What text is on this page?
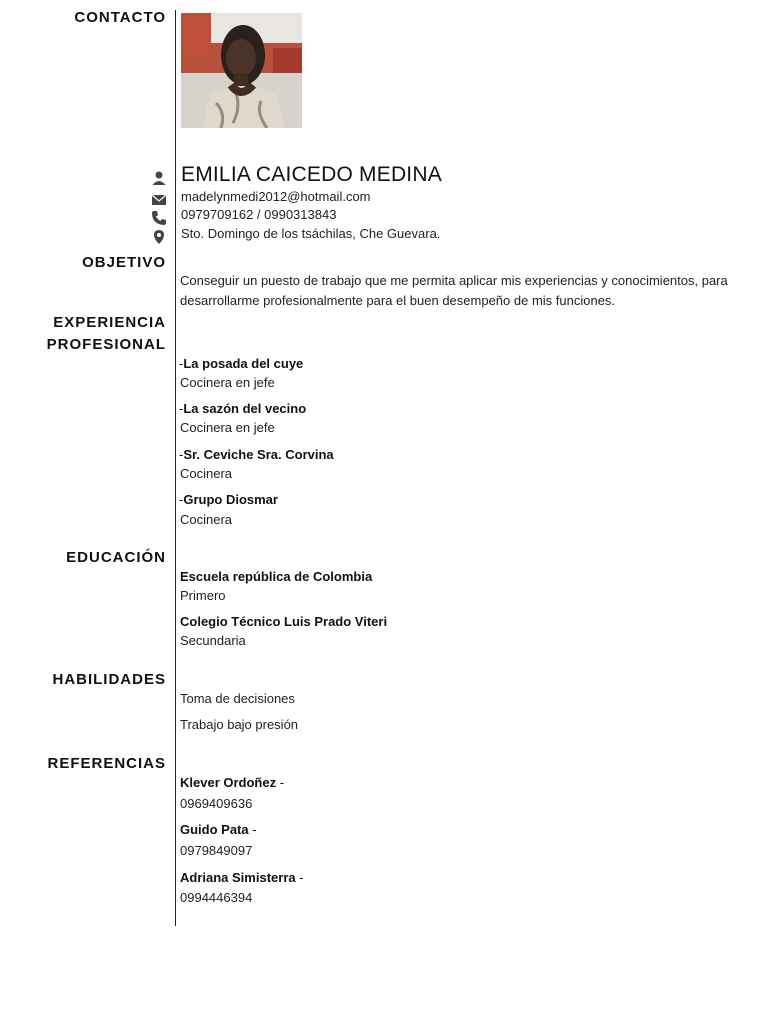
CONTACTO
OBJETIVO
EXPERIENCIA
PROFESIONAL
EDUCACIÓN
HABILIDADES
REFERENCIAS
EMILIA CAICEDO MEDINA
madelynmedi2012@hotmail.com
0979709162 / 0990313843
Sto. Domingo de los tsáchilas, Che Guevara.
Conseguir un puesto de trabajo que me permita aplicar mis experiencias y conocimientos, para desarrollarme profesionalmente para el buen desempeño de mis funciones.
-La posada del cuye
Cocinera en jefe
-La sazón del vecino
Cocinera en jefe
-Sr. Ceviche Sra. Corvina
Cocinera
-Grupo Diosmar
Cocinera
Escuela república de Colombia
Primero
Colegio Técnico Luis Prado Viteri
Secundaria
Toma de decisiones
Trabajo bajo presión
Klever Ordoñez -
0969409636
Guido Pata -
0979849097
Adriana Simisterra -
0994446394
